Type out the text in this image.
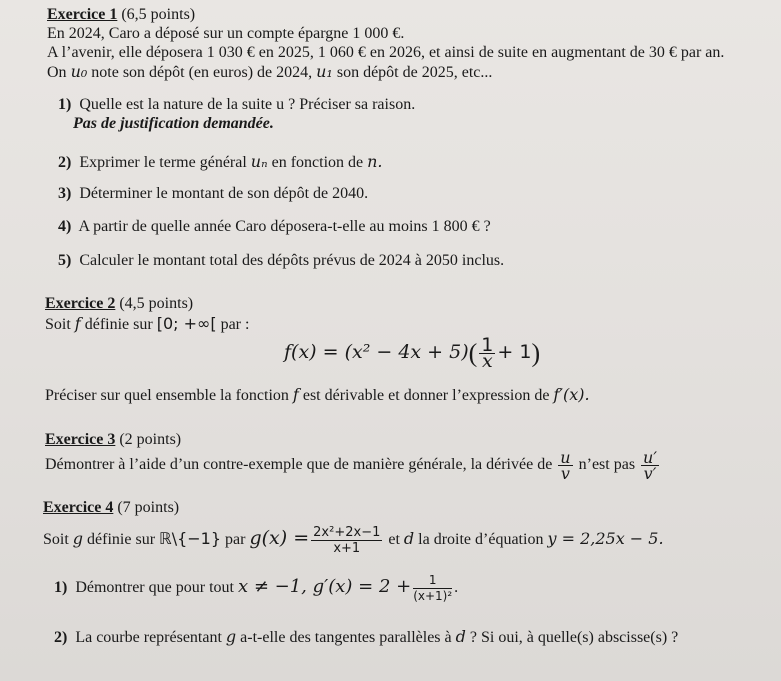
Exercice 1 (6,5 points)
En 2024, Caro a déposé sur un compte épargne 1 000 €.
A l’avenir, elle déposera 1 030 € en 2025, 1 060 € en 2026, et ainsi de suite en augmentant de 30 € par an.
On u₀ note son dépôt (en euros) de 2024, u₁ son dépôt de 2025, etc...
1) Quelle est la nature de la suite u ? Préciser sa raison.
Pas de justification demandée.
2) Exprimer le terme général uₙ en fonction de n.
3) Déterminer le montant de son dépôt de 2040.
4) A partir de quelle année Caro déposera-t-elle au moins 1 800 € ?
5) Calculer le montant total des dépôts prévus de 2024 à 2050 inclus.
Exercice 2 (4,5 points)
Soit f définie sur [0; +∞[ par :
$f(x) = (x^2 - 4x + 5)( \frac{1}{x} + 1)$
Préciser sur quel ensemble la fonction f est dérivable et donner l’expression de f′(x).
Exercice 3 (2 points)
Démontrer à l’aide d’un contre-exemple que de manière générale, la dérivée de $\frac{u}{v}$ n’est pas $\frac{u'}{v'}$
Exercice 4 (7 points)
Soit g définie sur ℝ\{−1} par $g(x) = \frac{\text{2x²+2x−1}}{x+1}$ et d la droite d’équation y = 2,25x − 5.
1) Démontrer que pour tout x ≠ −1, $g'(x) = 2 + \frac{1}{\text{(x+1)²}}$ .
2) La courbe représentant g a-t-elle des tangentes parallèles à d ? Si oui, à quelle(s) abscisse(s) ?
